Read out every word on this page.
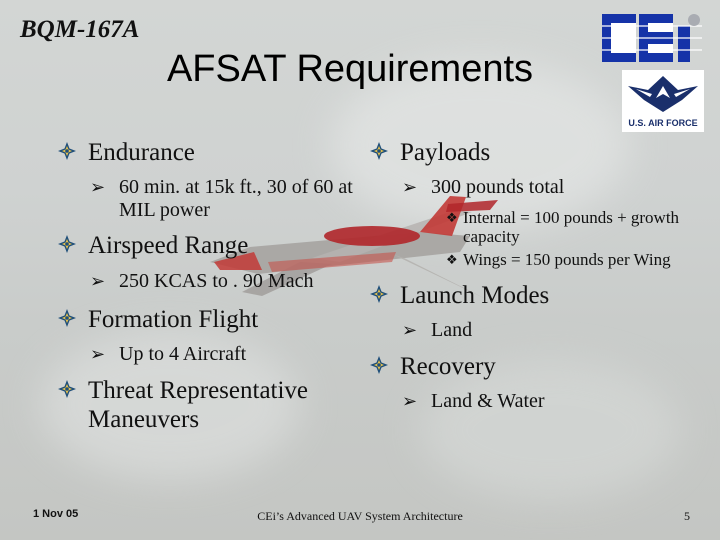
BQM-167A
AFSAT Requirements
U.S. AIR FORCE
Endurance
➢ 60 min. at 15k ft., 30 of 60 at MIL power
Airspeed Range
➢ 250 KCAS to . 90 Mach
Formation Flight
➢ Up to 4 Aircraft
Threat Representative Maneuvers
Payloads
➢ 300 pounds total
❖ Internal = 100 pounds + growth capacity
❖ Wings = 150 pounds per Wing
Launch Modes
➢ Land
Recovery
➢ Land & Water
1 Nov 05	CEi’s Advanced UAV System Architecture	5
